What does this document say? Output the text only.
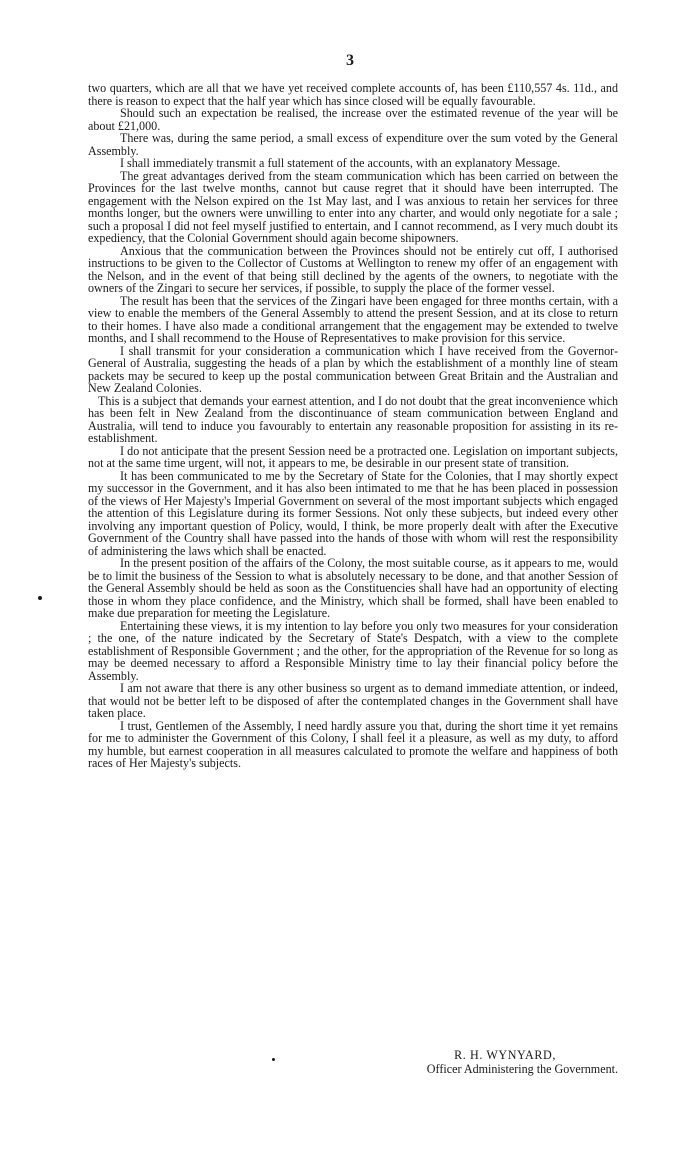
3

two quarters, which are all that we have yet received complete accounts of, has been £110,557 4s. 11d., and there is reason to expect that the half year which has since closed will be equally favourable.

Should such an expectation be realised, the increase over the estimated revenue of the year will be about £21,000.

There was, during the same period, a small excess of expenditure over the sum voted by the General Assembly.

I shall immediately transmit a full statement of the accounts, with an explanatory Message.

The great advantages derived from the steam communication which has been carried on between the Provinces for the last twelve months, cannot but cause regret that it should have been interrupted. The engagement with the Nelson expired on the 1st May last, and I was anxious to retain her services for three months longer, but the owners were unwilling to enter into any charter, and would only negotiate for a sale ; such a proposal I did not feel myself justified to entertain, and I cannot recommend, as I very much doubt its expediency, that the Colonial Government should again become shipowners.

Anxious that the communication between the Provinces should not be entirely cut off, I authorised instructions to be given to the Collector of Customs at Wellington to renew my offer of an engagement with the Nelson, and in the event of that being still declined by the agents of the owners, to negotiate with the owners of the Zingari to secure her services, if possible, to supply the place of the former vessel.

The result has been that the services of the Zingari have been engaged for three months certain, with a view to enable the members of the General Assembly to attend the present Session, and at its close to return to their homes. I have also made a conditional arrangement that the engagement may be extended to twelve months, and I shall recommend to the House of Representatives to make provision for this service.

I shall transmit for your consideration a communication which I have received from the Governor-General of Australia, suggesting the heads of a plan by which the establishment of a monthly line of steam packets may be secured to keep up the postal communication between Great Britain and the Australian and New Zealand Colonies.

This is a subject that demands your earnest attention, and I do not doubt that the great inconvenience which has been felt in New Zealand from the discontinuance of steam communication between England and Australia, will tend to induce you favourably to entertain any reasonable proposition for assisting in its re-establishment.

I do not anticipate that the present Session need be a protracted one. Legislation on important subjects, not at the same time urgent, will not, it appears to me, be desirable in our present state of transition.

It has been communicated to me by the Secretary of State for the Colonies, that I may shortly expect my successor in the Government, and it has also been intimated to me that he has been placed in possession of the views of Her Majesty's Imperial Government on several of the most important subjects which engaged the attention of this Legislature during its former Sessions. Not only these subjects, but indeed every other involving any important question of Policy, would, I think, be more properly dealt with after the Executive Government of the Country shall have passed into the hands of those with whom will rest the responsibility of administering the laws which shall be enacted.

In the present position of the affairs of the Colony, the most suitable course, as it appears to me, would be to limit the business of the Session to what is absolutely necessary to be done, and that another Session of the General Assembly should be held as soon as the Constituencies shall have had an opportunity of electing those in whom they place confidence, and the Ministry, which shall be formed, shall have been enabled to make due preparation for meeting the Legislature.

Entertaining these views, it is my intention to lay before you only two measures for your consideration ; the one, of the nature indicated by the Secretary of State's Despatch, with a view to the complete establishment of Responsible Government ; and the other, for the appropriation of the Revenue for so long as may be deemed necessary to afford a Responsible Ministry time to lay their financial policy before the Assembly.

I am not aware that there is any other business so urgent as to demand immediate attention, or indeed, that would not be better left to be disposed of after the contemplated changes in the Government shall have taken place.

I trust, Gentlemen of the Assembly, I need hardly assure you that, during the short time it yet remains for me to administer the Government of this Colony, I shall feel it a pleasure, as well as my duty, to afford my humble, but earnest cooperation in all measures calculated to promote the welfare and happiness of both races of Her Majesty's subjects.

R. H. WYNYARD,
Officer Administering the Government.
